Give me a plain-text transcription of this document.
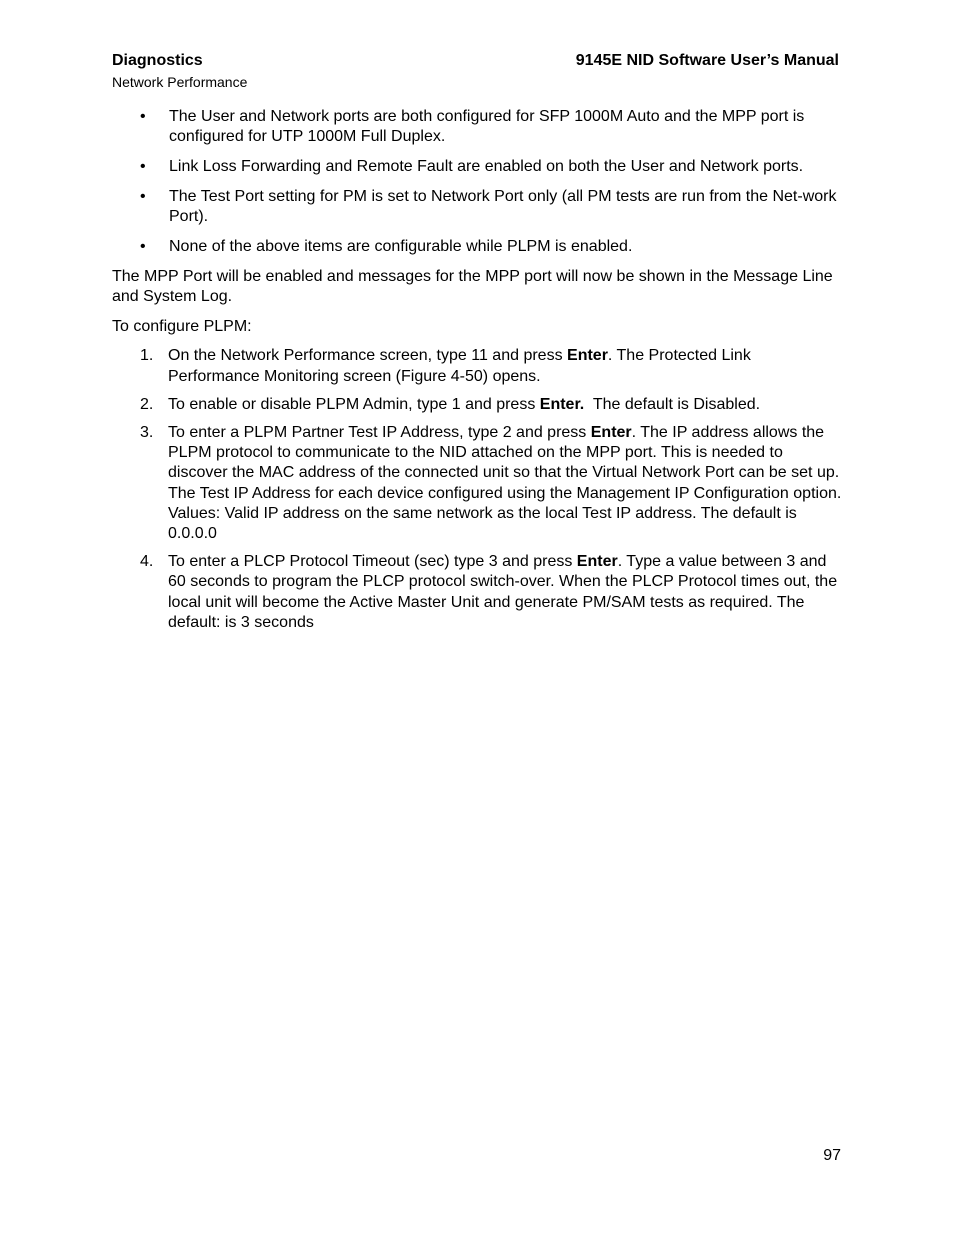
Diagnostics
Network Performance
9145E NID Software User’s Manual
• The User and Network ports are both configured for SFP 1000M Auto and the MPP port is configured for UTP 1000M Full Duplex.
• Link Loss Forwarding and Remote Fault are enabled on both the User and Network ports.
• The Test Port setting for PM is set to Network Port only (all PM tests are run from the Net-work Port).
• None of the above items are configurable while PLPM is enabled.

The MPP Port will be enabled and messages for the MPP port will now be shown in the Message Line and System Log.

To configure PLPM:

1. On the Network Performance screen, type 11 and press Enter. The Protected Link Performance Monitoring screen (Figure 4-50) opens.
2. To enable or disable PLPM Admin, type 1 and press Enter.  The default is Disabled.
3. To enter a PLPM Partner Test IP Address, type 2 and press Enter. The IP address allows the PLPM protocol to communicate to the NID attached on the MPP port. This is needed to discover the MAC address of the connected unit so that the Virtual Network Port can be set up. The Test IP Address for each device configured using the Management IP Configuration option. Values: Valid IP address on the same network as the local Test IP address. The default is 0.0.0.0
4. To enter a PLCP Protocol Timeout (sec) type 3 and press Enter. Type a value between 3 and 60 seconds to program the PLCP protocol switch-over. When the PLCP Protocol times out, the local unit will become the Active Master Unit and generate PM/SAM tests as required. The default: is 3 seconds
97
